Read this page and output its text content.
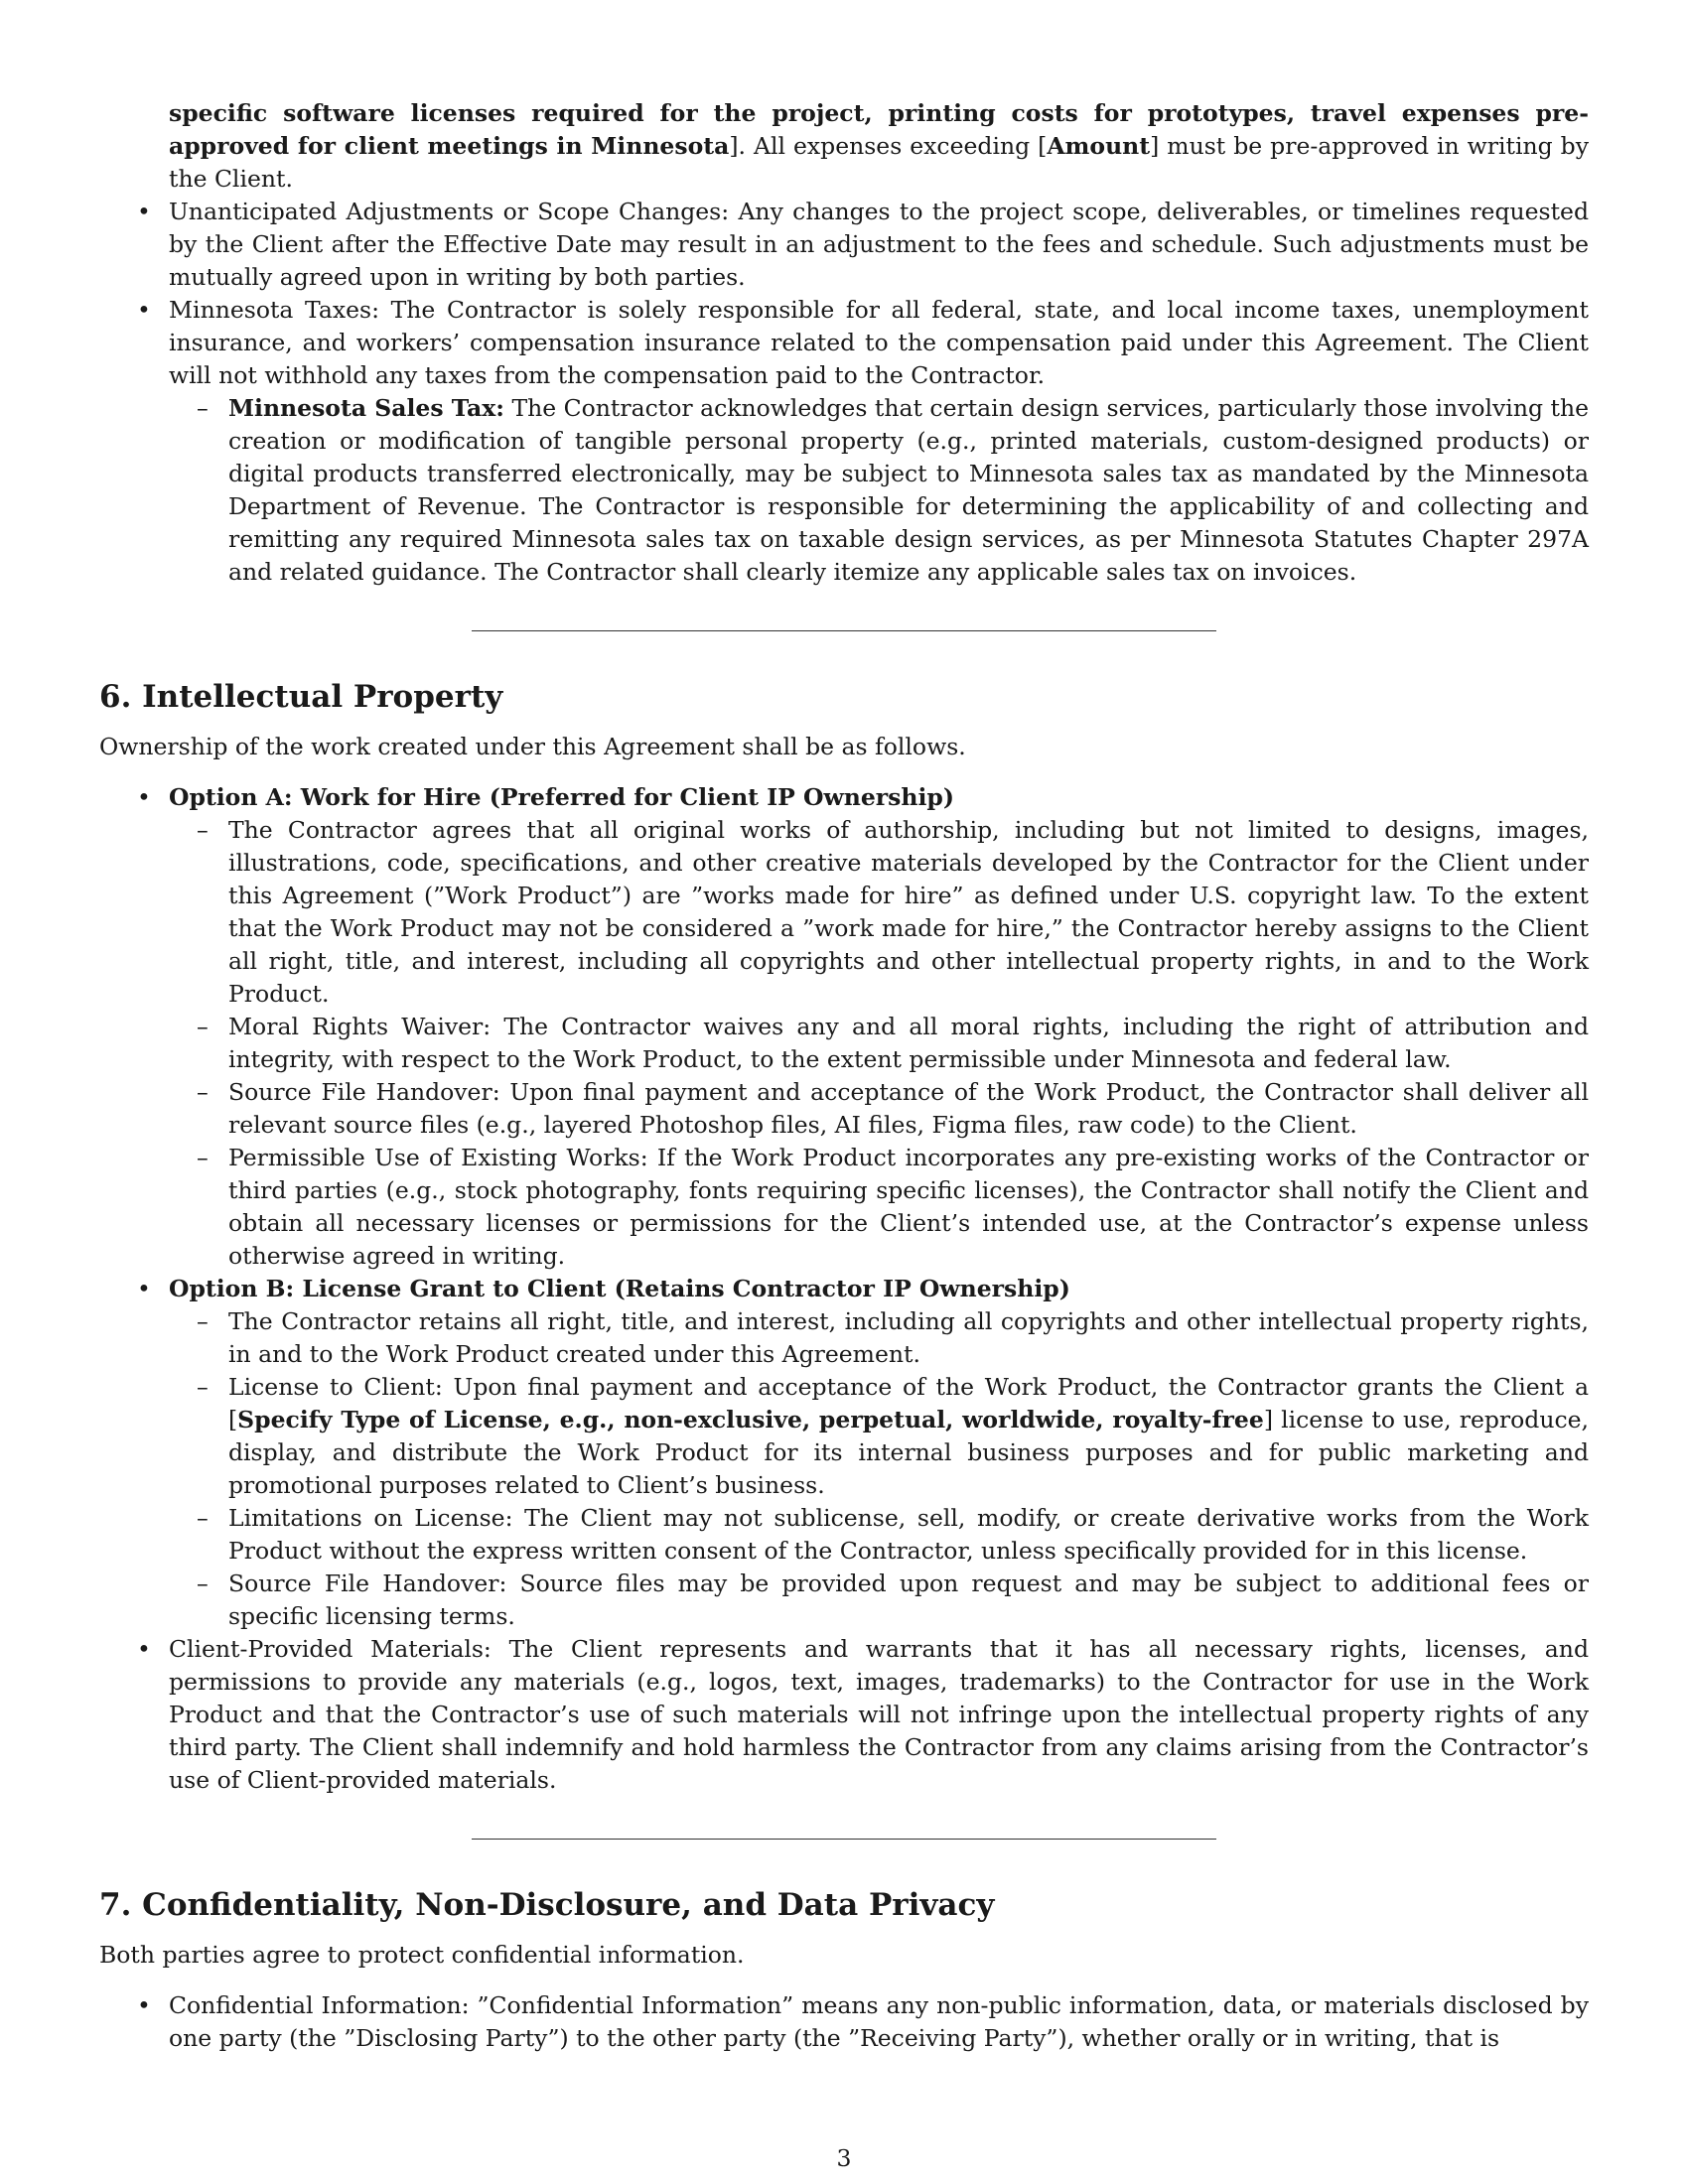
specific software licenses required for the project, printing costs for prototypes, travel expenses pre-approved for client meetings in Minnesota]. All expenses exceeding [Amount] must be pre-approved in writing by the Client.

• Unanticipated Adjustments or Scope Changes: Any changes to the project scope, deliverables, or timelines requested by the Client after the Effective Date may result in an adjustment to the fees and schedule. Such adjustments must be mutually agreed upon in writing by both parties.
• Minnesota Taxes: The Contractor is solely responsible for all federal, state, and local income taxes, unemployment insurance, and workers’ compensation insurance related to the compensation paid under this Agreement. The Client will not withhold any taxes from the compensation paid to the Contractor.
– Minnesota Sales Tax: The Contractor acknowledges that certain design services, particularly those involving the creation or modification of tangible personal property (e.g., printed materials, custom-designed products) or digital products transferred electronically, may be subject to Minnesota sales tax as mandated by the Minnesota Department of Revenue. The Contractor is responsible for determining the applicability of and collecting and remitting any required Minnesota sales tax on taxable design services, as per Minnesota Statutes Chapter 297A and related guidance. The Contractor shall clearly itemize any applicable sales tax on invoices.
6. Intellectual Property

Ownership of the work created under this Agreement shall be as follows.

• Option A: Work for Hire (Preferred for Client IP Ownership)
– The Contractor agrees that all original works of authorship, including but not limited to designs, images, illustrations, code, specifications, and other creative materials developed by the Contractor for the Client under this Agreement (”Work Product”) are ”works made for hire” as defined under U.S. copyright law. To the extent that the Work Product may not be considered a ”work made for hire,” the Contractor hereby assigns to the Client all right, title, and interest, including all copyrights and other intellectual property rights, in and to the Work Product.
– Moral Rights Waiver: The Contractor waives any and all moral rights, including the right of attribution and integrity, with respect to the Work Product, to the extent permissible under Minnesota and federal law.
– Source File Handover: Upon final payment and acceptance of the Work Product, the Contractor shall deliver all relevant source files (e.g., layered Photoshop files, AI files, Figma files, raw code) to the Client.
– Permissible Use of Existing Works: If the Work Product incorporates any pre-existing works of the Contractor or third parties (e.g., stock photography, fonts requiring specific licenses), the Contractor shall notify the Client and obtain all necessary licenses or permissions for the Client’s intended use, at the Contractor’s expense unless otherwise agreed in writing.
• Option B: License Grant to Client (Retains Contractor IP Ownership)
– The Contractor retains all right, title, and interest, including all copyrights and other intellectual property rights, in and to the Work Product created under this Agreement.
– License to Client: Upon final payment and acceptance of the Work Product, the Contractor grants the Client a [Specify Type of License, e.g., non-exclusive, perpetual, worldwide, royalty-free] license to use, reproduce, display, and distribute the Work Product for its internal business purposes and for public marketing and promotional purposes related to Client’s business.
– Limitations on License: The Client may not sublicense, sell, modify, or create derivative works from the Work Product without the express written consent of the Contractor, unless specifically provided for in this license.
– Source File Handover: Source files may be provided upon request and may be subject to additional fees or specific licensing terms.
• Client-Provided Materials: The Client represents and warrants that it has all necessary rights, licenses, and permissions to provide any materials (e.g., logos, text, images, trademarks) to the Contractor for use in the Work Product and that the Contractor’s use of such materials will not infringe upon the intellectual property rights of any third party. The Client shall indemnify and hold harmless the Contractor from any claims arising from the Contractor’s use of Client-provided materials.
7. Confidentiality, Non-Disclosure, and Data Privacy

Both parties agree to protect confidential information.

• Confidential Information: ”Confidential Information” means any non-public information, data, or materials disclosed by one party (the ”Disclosing Party”) to the other party (the ”Receiving Party”), whether orally or in writing, that is
3
